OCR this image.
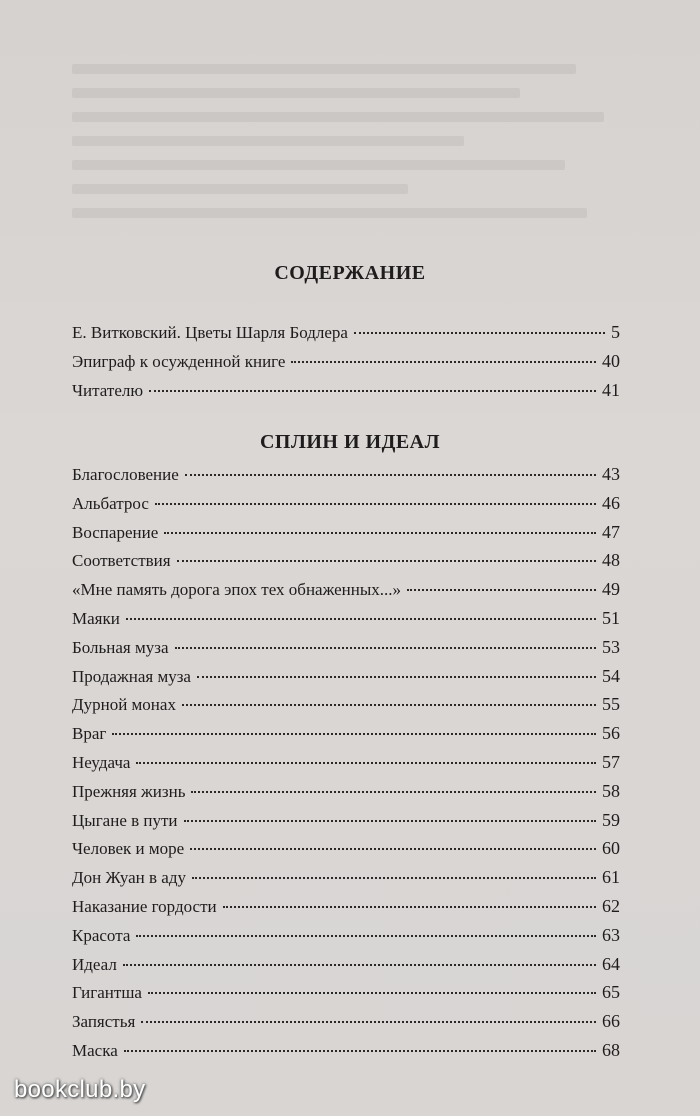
СОДЕРЖАНИЕ
Е. Витковский. Цветы Шарля Бодлера	5
Эпиграф к осужденной книге	40
Читателю	41
СПЛИН И ИДЕАЛ
Благословение	43
Альбатрос	46
Воспарение	47
Соответствия	48
«Мне память дорога эпох тех обнаженных...»	49
Маяки	51
Больная муза	53
Продажная муза	54
Дурной монах	55
Враг	56
Неудача	57
Прежняя жизнь	58
Цыгане в пути	59
Человек и море	60
Дон Жуан в аду	61
Наказание гордости	62
Красота	63
Идеал	64
Гигантша	65
Запястья	66
Маска	68
bookclub.by
